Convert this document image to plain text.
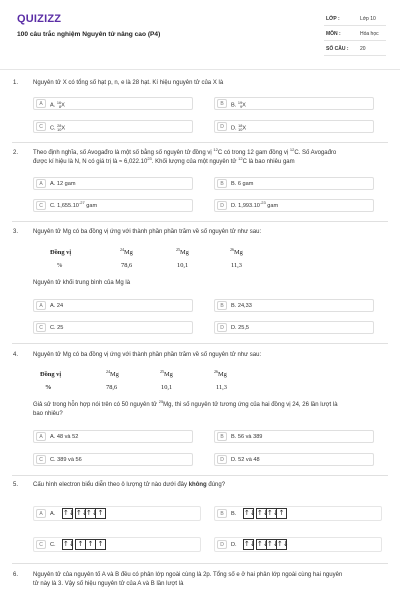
QUIZIZZ
100 câu trắc nghiệm Nguyên tử nâng cao (P4)
LỚP :	Lớp 10
MÔN :	Hóa học
SỐ CÂU : 20
1. Nguyên tử X có tổng số hạt p, n, e là 28 hạt. Kí hiệu nguyên tử của X là
A	A. 16
8X	B	B. 19
9X
C	C. 28
10X	D	D. 18
10X
2. Theo định nghĩa, số Avogađro là một số bằng số nguyên tử đồng vị $^{12}$C có trong 12 gam đồng vị $^{12}$C. Số Avogađro
được kí hiệu là N, N có giá trị là ≈ $6,022.10^{23}$. Khối lượng của một nguyên tử $^{12}$C là bao nhiêu gam
A	A. 12 gam	B	B. 6 gam
C	C. $1,655.10^{-27}$ gam	D	D. $1,993.10^{-23}$ gam
3. Nguyên tử Mg có ba đồng vị ứng với thành phần phần trăm về số nguyên tử như sau:
Đồng vị	$^{24}$ Mg	$^{25}$ Mg	$^{26}$ Mg
%	78,6	10,1	11,3
Nguyên tử khối trung bình của Mg là
A	A. 24	B	B. 24,33
C	C. 25	D	D. 25,5
4. Nguyên tử Mg có ba đồng vị ứng với thành phần phần trăm về số nguyên tử như sau:
Đồng vị	$^{24}$ Mg	$^{25}$ Mg	$^{26}$ Mg
%	78,6	10,1	11,3
Giả sử trong hỗn hợp nói trên có 50 nguyên tử $^{25}$Mg, thì số nguyên tử tương ứng của hai đồng vị 24, 26 lần lượt là
bao nhiêu?
A	A. 48 và 52	B	B. 56 và 389
C	C. 389 và 56	D	D. 52 và 48
5. Cấu hình electron biểu diễn theo ô lượng tử nào dưới đây không đúng?
A	A. ↑↓↑↓↑↓↑	B	B. ↑↓↑↓↑↓↑
C	C. ↑↓ ↑ ↑ ↑	D	D. ↑↓↑↓↑↓↑↓
6. Nguyên tử của nguyên tố A và B đều có phân lớp ngoài cùng là 2p. Tổng số e ở hai phân lớp ngoài cùng hai nguyên
tử này là 3. Vậy số hiệu nguyên tử của A và B lần lượt là
